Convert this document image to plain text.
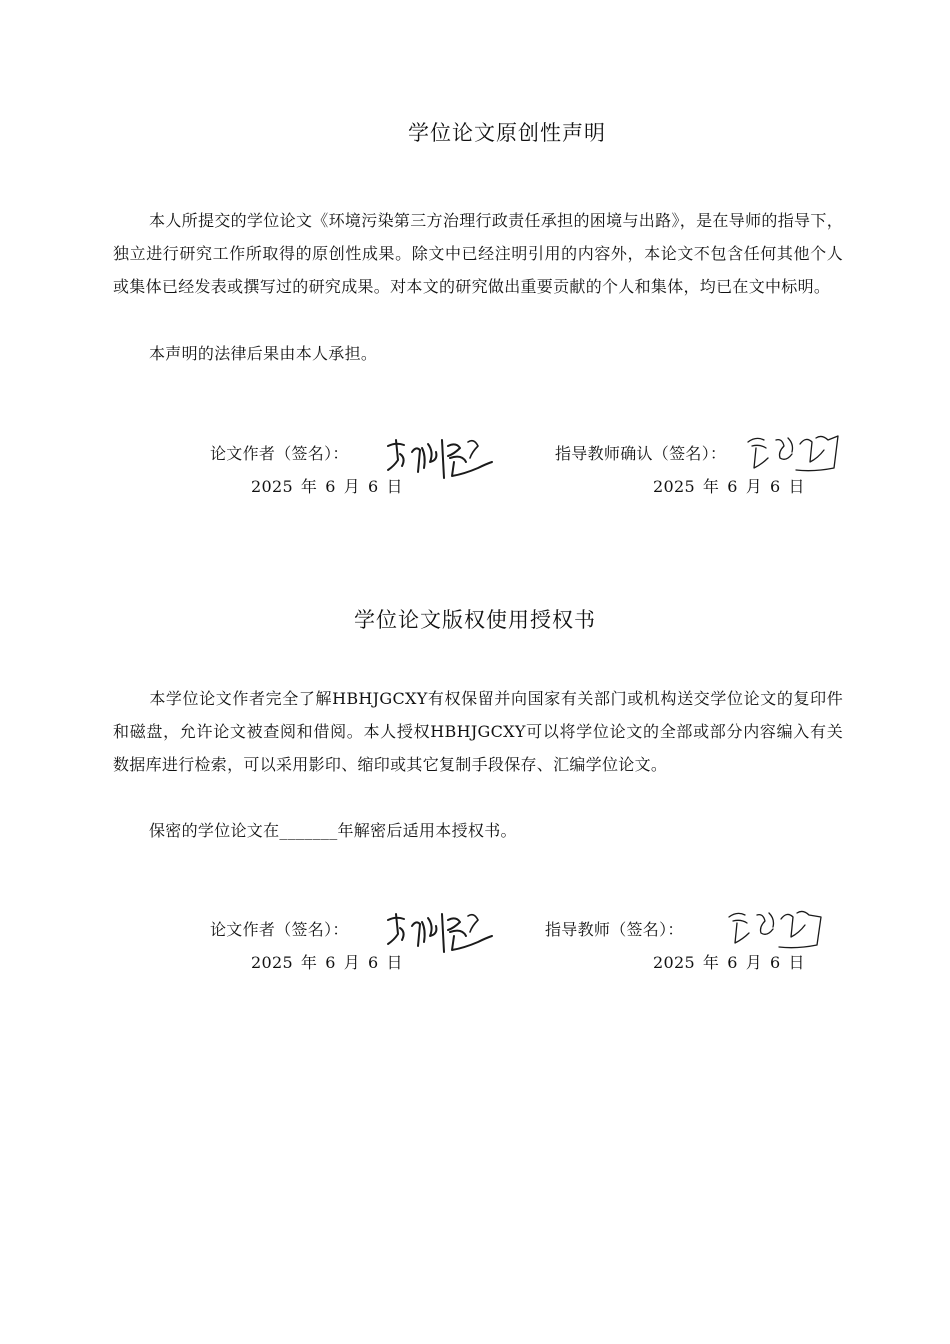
学位论文原创性声明
本人所提交的学位论文《环境污染第三方治理行政责任承担的困境与出路》，是在导师的指导下，独立进行研究工作所取得的原创性成果。除文中已经注明引用的内容外，本论文不包含任何其他个人或集体已经发表或撰写过的研究成果。对本文的研究做出重要贡献的个人和集体，均已在文中标明。
本声明的法律后果由本人承担。
论文作者（签名）：
2025 年 6 月 6 日
指导教师确认（签名）：
2025 年 6 月 6 日
学位论文版权使用授权书
本学位论文作者完全了解HBHJGCXY有权保留并向国家有关部门或机构送交学位论文的复印件和磁盘，允许论文被查阅和借阅。本人授权HBHJGCXY可以将学位论文的全部或部分内容编入有关数据库进行检索，可以采用影印、缩印或其它复制手段保存、汇编学位论文。
保密的学位论文在_______年解密后适用本授权书。
论文作者（签名）：
2025 年 6 月 6 日
指导教师（签名）：
2025 年 6 月 6 日
